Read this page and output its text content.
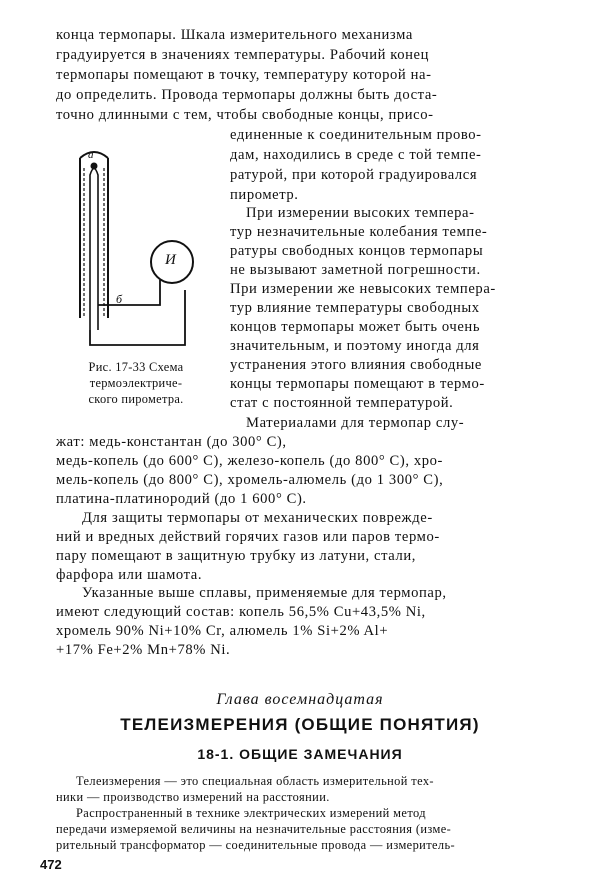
конца термопары. Шкала измерительного механизма
градуируется в значениях температуры. Рабочий конец
термопары помещают в точку, температуру которой на-
до определить. Провода термопары должны быть доста-
точно длинными с тем, чтобы свободные концы, присо-
единенные к соединительным прово-
дам, находились в среде с той темпе-
ратурой, при которой градуировался
пирометр.
При измерении высоких темпера-
тур незначительные колебания темпе-
ратуры свободных концов термопары
не вызывают заметной погрешности.
При измерении же невысоких темпера-
тур влияние температуры свободных
концов термопары может быть очень
значительным, и поэтому иногда для
устранения этого влияния свободные
концы термопары помещают в термо-
стат с постоянной температурой.
Материалами для термопар слу-
а
б
И
Рис. 17-33 Схема
термоэлектриче-
ского пирометра.
жат: медь-константан (до 300° С),
медь-копель (до 600° С), железо-копель (до 800° С), хро-
мель-копель (до 800° С), хромель-алюмель (до 1 300° С),
платина-платинородий (до 1 600° С).
Для защиты термопары от механических поврежде-
ний и вредных действий горячих газов или паров термо-
пару помещают в защитную трубку из латуни, стали,
фарфора или шамота.
Указанные выше сплавы, применяемые для термопар,
имеют следующий состав: копель 56,5% Cu+43,5% Ni,
хромель 90% Ni+10% Cr, алюмель 1% Si+2% Al+
+17% Fe+2% Mn+78% Ni.
Глава восемнадцатая
ТЕЛЕИЗМЕРЕНИЯ (ОБЩИЕ ПОНЯТИЯ)
18-1. ОБЩИЕ ЗАМЕЧАНИЯ
Телеизмерения — это специальная область измерительной тех-
ники — производство измерений на расстоянии.
Распространенный в технике электрических измерений метод
передачи измеряемой величины на незначительные расстояния (изме-
рительный трансформатор — соединительные провода — измеритель-
472
